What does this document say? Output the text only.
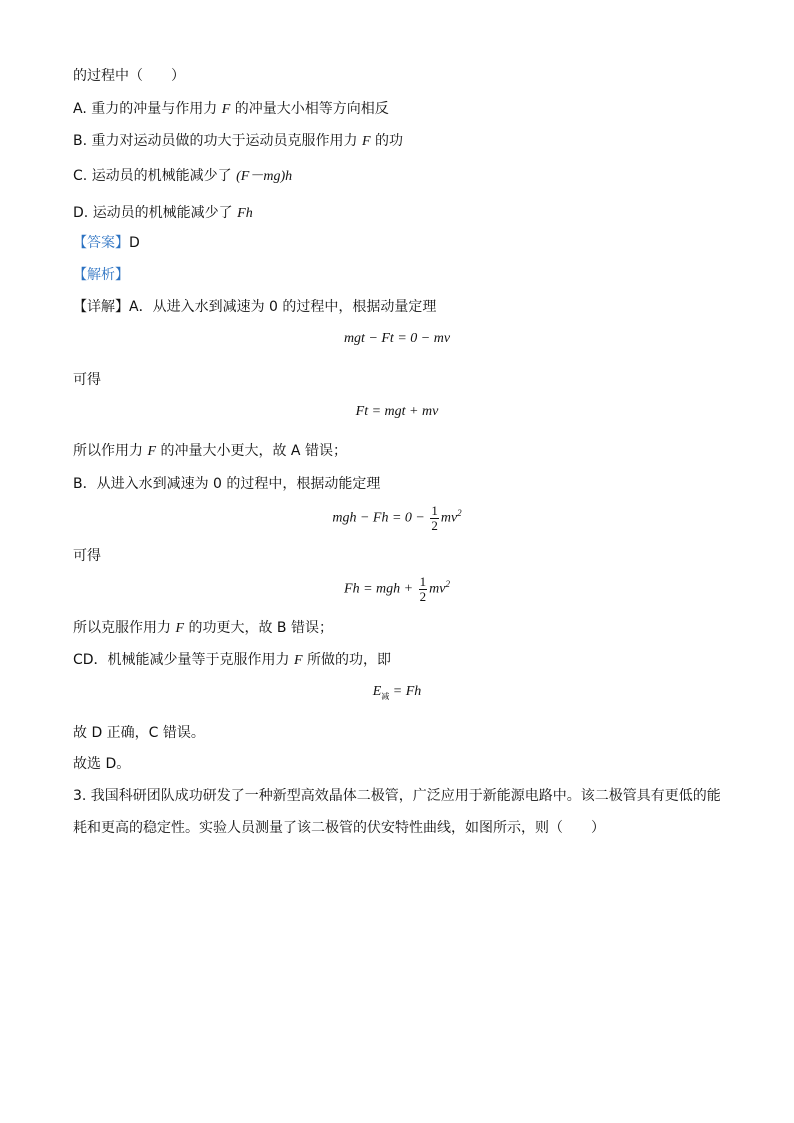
的过程中（　　）
A. 重力的冲量与作用力 F 的冲量大小相等方向相反
B. 重力对运动员做的功大于运动员克服作用力 F 的功
C. 运动员的机械能减少了 (F－mg)h
D. 运动员的机械能减少了 Fh
【答案】D
【解析】
【详解】A．从进入水到减速为 0 的过程中，根据动量定理
mgt − Ft = 0 − mv
可得
Ft = mgt + mv
所以作用力 F 的冲量大小更大，故 A 错误；
B．从进入水到减速为 0 的过程中，根据动能定理
mgh − $Fh = 0 - \frac{1}{2} mv^2$
可得
Fh = mgh + $\frac{1}{2} mv^2$
所以克服作用力 F 的功更大，故 B 错误；
CD．机械能减少量等于克服作用力 F 所做的功，即
$E_减 = Fh$
故 D 正确，C 错误。
故选 D。
3. 我国科研团队成功研发了一种新型高效晶体二极管，广泛应用于新能源电路中。该二极管具有更低的能
耗和更高的稳定性。实验人员测量了该二极管的伏安特性曲线，如图所示，则（　　）
